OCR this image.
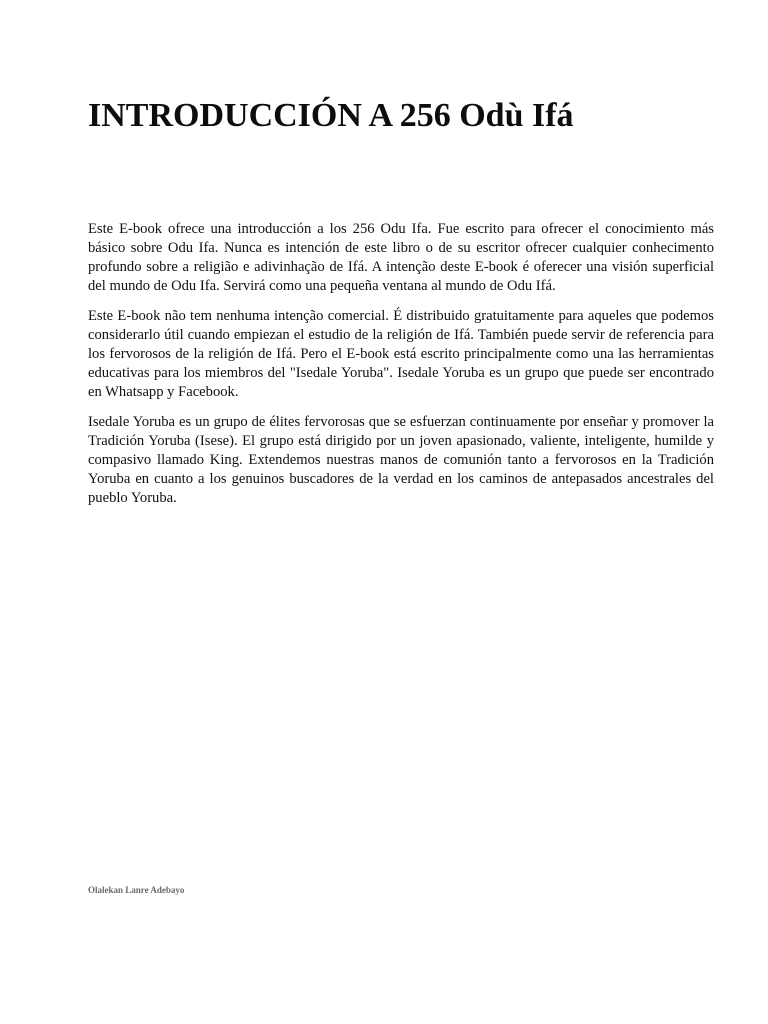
INTRODUCCIÓN A 256 Odù Ifá

Este E-book ofrece una introducción a los 256 Odu Ifa. Fue escrito para ofrecer el conocimiento más básico sobre Odu Ifa. Nunca es intención de este libro o de su escritor ofrecer cualquier conhecimento profundo sobre a religião e adivinhação de Ifá. A intenção deste E-book é oferecer una visión superficial del mundo de Odu Ifa. Servirá como una pequeña ventana al mundo de Odu Ifá.

Este E-book não tem nenhuma intenção comercial. É distribuido gratuitamente para aqueles que podemos considerarlo útil cuando empiezan el estudio de la religión de Ifá. También puede servir de referencia para los fervorosos de la religión de Ifá. Pero el E-book está escrito principalmente como una las herramientas educativas para los miembros del "Isedale Yoruba". Isedale Yoruba es un grupo que puede ser encontrado en Whatsapp y Facebook.

Isedale Yoruba es un grupo de élites fervorosas que se esfuerzan continuamente por enseñar y promover la Tradición Yoruba (Isese). El grupo está dirigido por un joven apasionado, valiente, inteligente, humilde y compasivo llamado King. Extendemos nuestras manos de comunión tanto a fervorosos en la Tradición Yoruba en cuanto a los genuinos buscadores de la verdad en los caminos de antepasados ancestrales del pueblo Yoruba.

Olalekan Lanre Adebayo
